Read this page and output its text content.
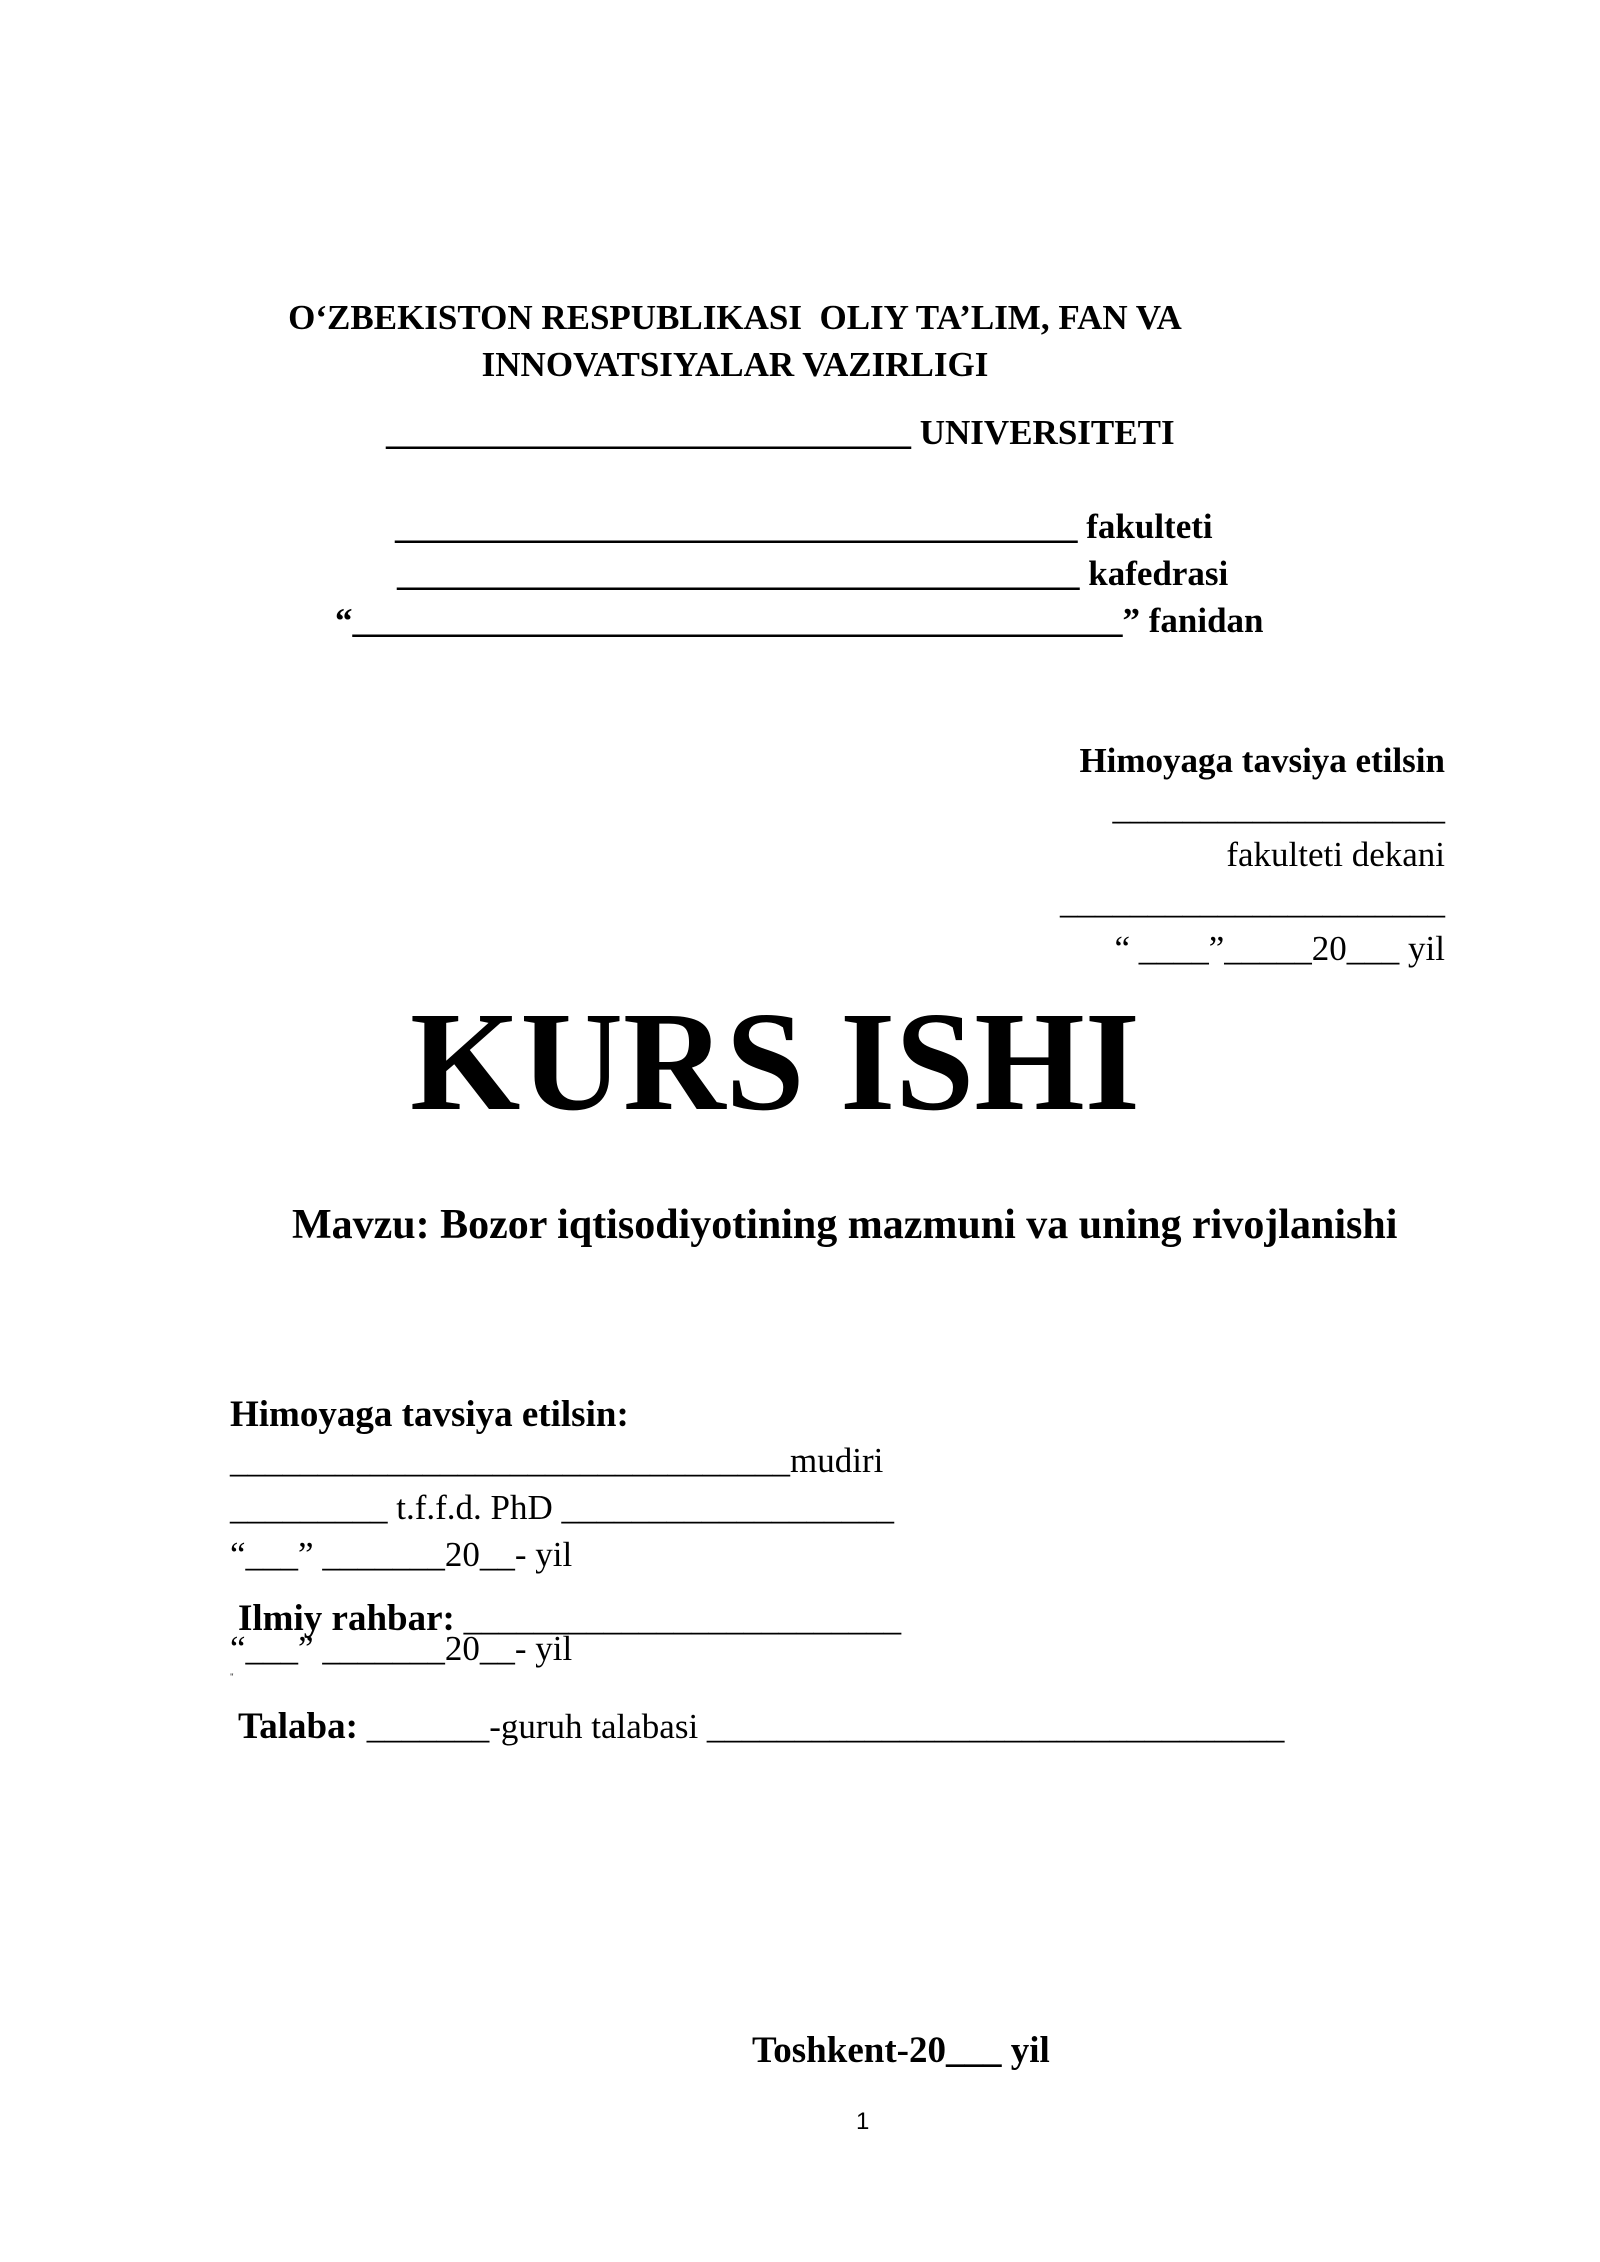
O‘ZBEKISTON RESPUBLIKASI  OLIY TA’LIM, FAN VA
INNOVATSIYALAR VAZIRLIGI
______________________________ UNIVERSITETI
_______________________________________ fakulteti
_______________________________________ kafedrasi
“____________________________________________” fanidan
Himoyaga tavsiya etilsin
___________________
fakulteti dekani
______________________
“ ____”_____20___ yil
KURS ISHI
Mavzu: Bozor iqtisodiyotining mazmuni va uning rivojlanishi
Himoyaga tavsiya etilsin:
________________________________mudiri
_________ t.f.f.d. PhD ___________________
“___” _______20__- yil

Ilmiy rahbar: _________________________

“___” _______20__- yil
"

Talaba: _______-guruh talabasi _________________________________

Toshkent-20___ yil
1
